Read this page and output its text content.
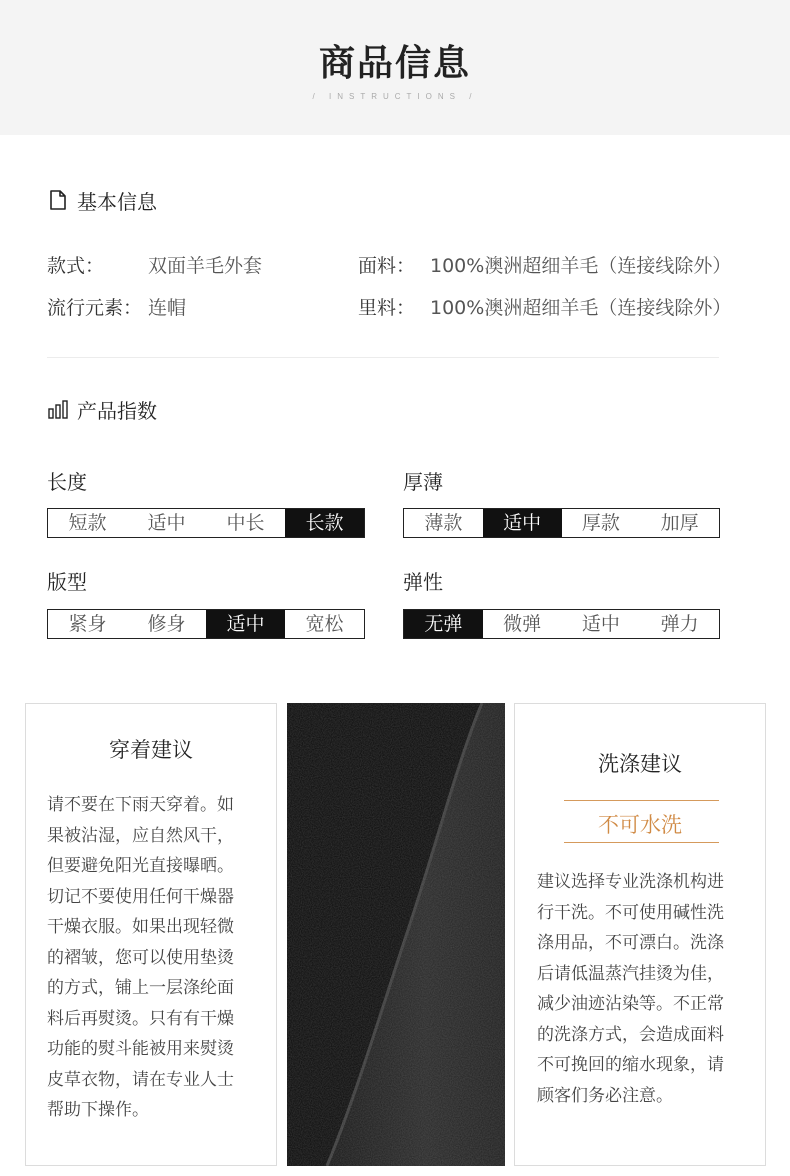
商品信息
/ INSTRUCTIONS /
基本信息
款式： 双面羊毛外套	面料： 100%澳洲超细羊毛（连接线除外）
流行元素： 连帽	里料： 100%澳洲超细羊毛（连接线除外）
产品指数
长度
短款	适中	中长	长款
厚薄
薄款	适中	厚款	加厚
版型
紧身	修身	适中	宽松
弹性
无弹	微弹	适中	弹力
穿着建议
请不要在下雨天穿着。如
果被沾湿，应自然风干，
但要避免阳光直接曝晒。
切记不要使用任何干燥器
干燥衣服。如果出现轻微
的褶皱，您可以使用垫烫
的方式，铺上一层涤纶面
料后再熨烫。只有有干燥
功能的熨斗能被用来熨烫
皮草衣物，请在专业人士
帮助下操作。
洗涤建议
不可水洗
建议选择专业洗涤机构进
行干洗。不可使用碱性洗
涤用品，不可漂白。洗涤
后请低温蒸汽挂烫为佳，
减少油迹沾染等。不正常
的洗涤方式，会造成面料
不可挽回的缩水现象，请
顾客们务必注意。
